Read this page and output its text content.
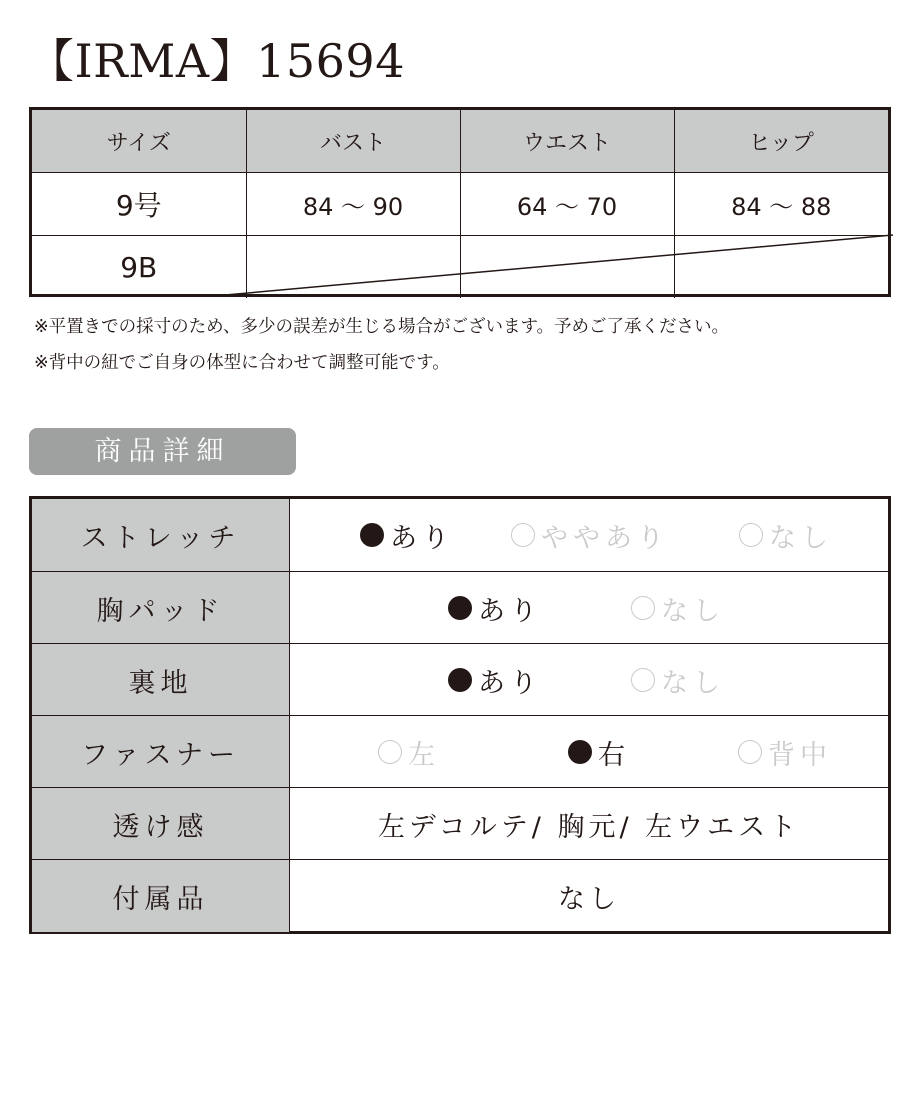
【IRMA】15694
サイズ	バスト	ウエスト	ヒップ
9号	84 〜 90	64 〜 70	84 〜 88
9B			
※平置きでの採寸のため、多少の誤差が生じる場合がございます。予めご了承ください。
※背中の紐でご自身の体型に合わせて調整可能です。
商品詳細
ストレッチ	あり	ややあり	なし
胸パッド	あり	なし
裏地	あり	なし
ファスナー	左	右	背中
透け感	左デコルテ/ 胸元/ 左ウエスト
付属品	なし
